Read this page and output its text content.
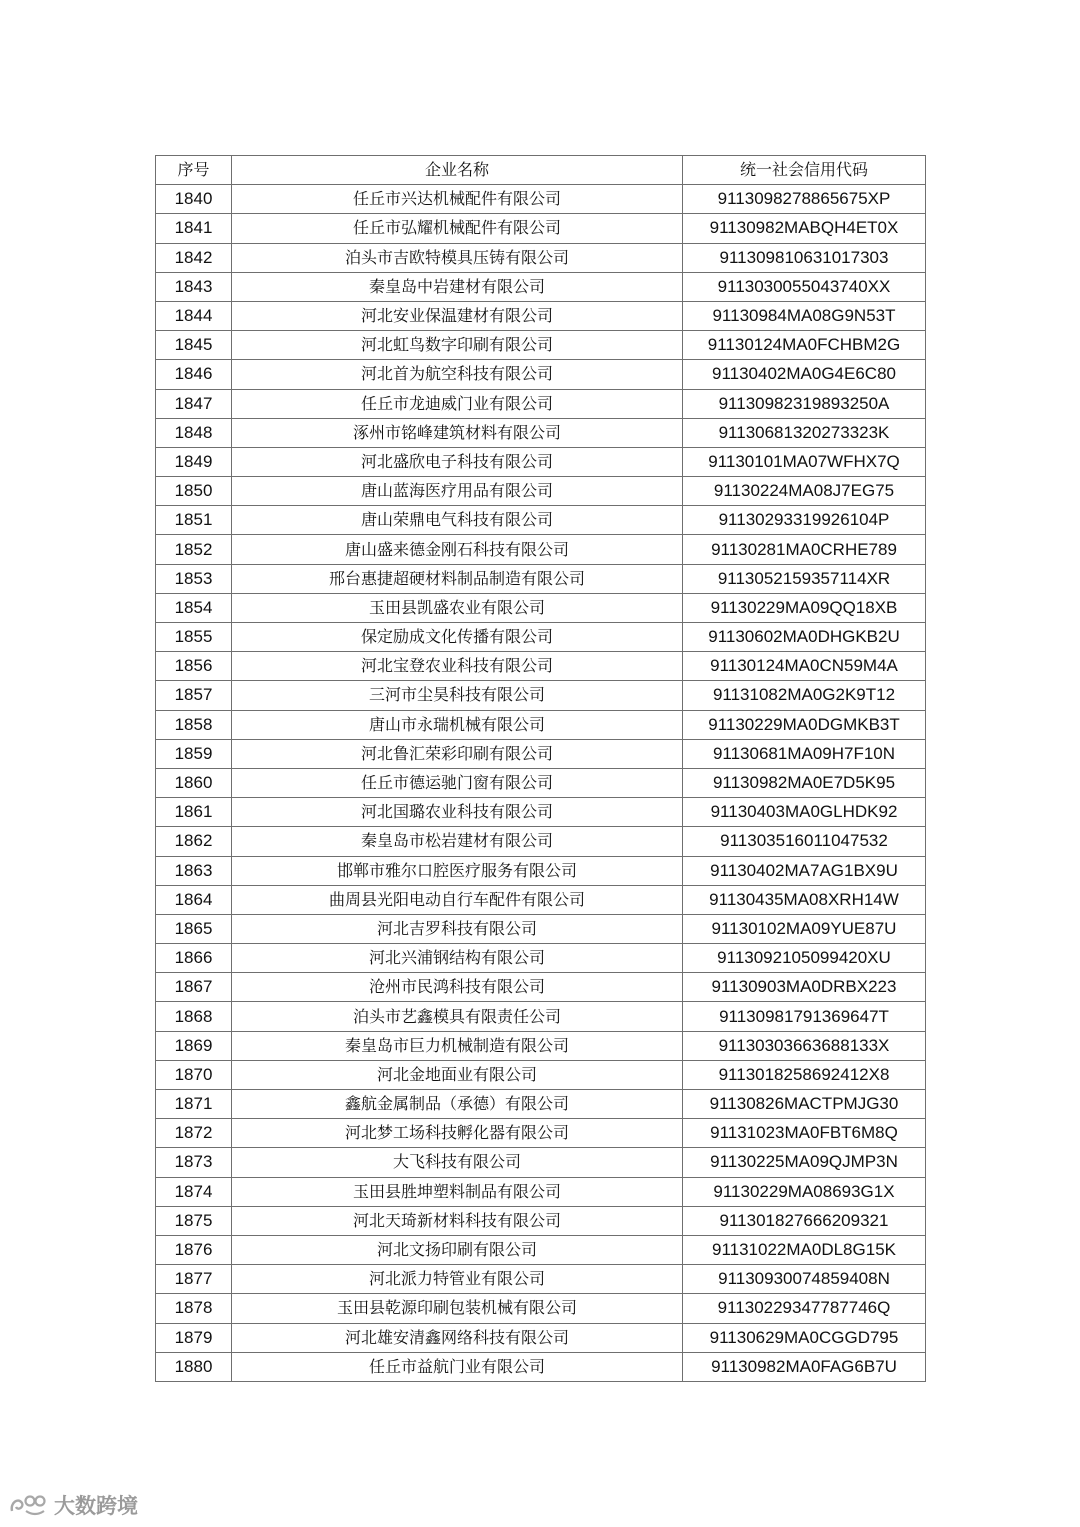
序号	企业名称	统一社会信用代码
1840	任丘市兴达机械配件有限公司	9113098278865675XP
1841	任丘市弘耀机械配件有限公司	91130982MABQH4ET0X
1842	泊头市吉欧特模具压铸有限公司	911309810631017303
1843	秦皇岛中岩建材有限公司	9113030055043740XX
1844	河北安业保温建材有限公司	91130984MA08G9N53T
1845	河北虹鸟数字印刷有限公司	91130124MA0FCHBM2G
1846	河北首为航空科技有限公司	91130402MA0G4E6C80
1847	任丘市龙迪威门业有限公司	91130982319893250A
1848	涿州市铭峰建筑材料有限公司	91130681320273323K
1849	河北盛欣电子科技有限公司	91130101MA07WFHX7Q
1850	唐山蓝海医疗用品有限公司	91130224MA08J7EG75
1851	唐山荣鼎电气科技有限公司	91130293319926104P
1852	唐山盛来德金刚石科技有限公司	91130281MA0CRHE789
1853	邢台惠捷超硬材料制品制造有限公司	9113052159357114XR
1854	玉田县凯盛农业有限公司	91130229MA09QQ18XB
1855	保定励成文化传播有限公司	91130602MA0DHGKB2U
1856	河北宝登农业科技有限公司	91130124MA0CN59M4A
1857	三河市尘昊科技有限公司	91131082MA0G2K9T12
1858	唐山市永瑞机械有限公司	91130229MA0DGMKB3T
1859	河北鲁汇荣彩印刷有限公司	91130681MA09H7F10N
1860	任丘市德运驰门窗有限公司	91130982MA0E7D5K95
1861	河北国璐农业科技有限公司	91130403MA0GLHDK92
1862	秦皇岛市松岩建材有限公司	911303516011047532
1863	邯郸市雅尔口腔医疗服务有限公司	91130402MA7AG1BX9U
1864	曲周县光阳电动自行车配件有限公司	91130435MA08XRH14W
1865	河北吉罗科技有限公司	91130102MA09YUE87U
1866	河北兴浦钢结构有限公司	9113092105099420XU
1867	沧州市民鸿科技有限公司	91130903MA0DRBX223
1868	泊头市艺鑫模具有限责任公司	91130981791369647T
1869	秦皇岛市巨力机械制造有限公司	91130303663688133X
1870	河北金地面业有限公司	9113018258692412X8
1871	鑫航金属制品（承德）有限公司	91130826MACTPMJG30
1872	河北梦工场科技孵化器有限公司	91131023MA0FBT6M8Q
1873	大飞科技有限公司	91130225MA09QJMP3N
1874	玉田县胜坤塑料制品有限公司	91130229MA08693G1X
1875	河北天琦新材料科技有限公司	911301827666209321
1876	河北文扬印刷有限公司	91131022MA0DL8G15K
1877	河北派力特管业有限公司	91130930074859408N
1878	玉田县乾源印刷包装机械有限公司	91130229347787746Q
1879	河北雄安清鑫网络科技有限公司	91130629MA0CGGD795
1880	任丘市益航门业有限公司	91130982MA0FAG6B7U
大数跨境
